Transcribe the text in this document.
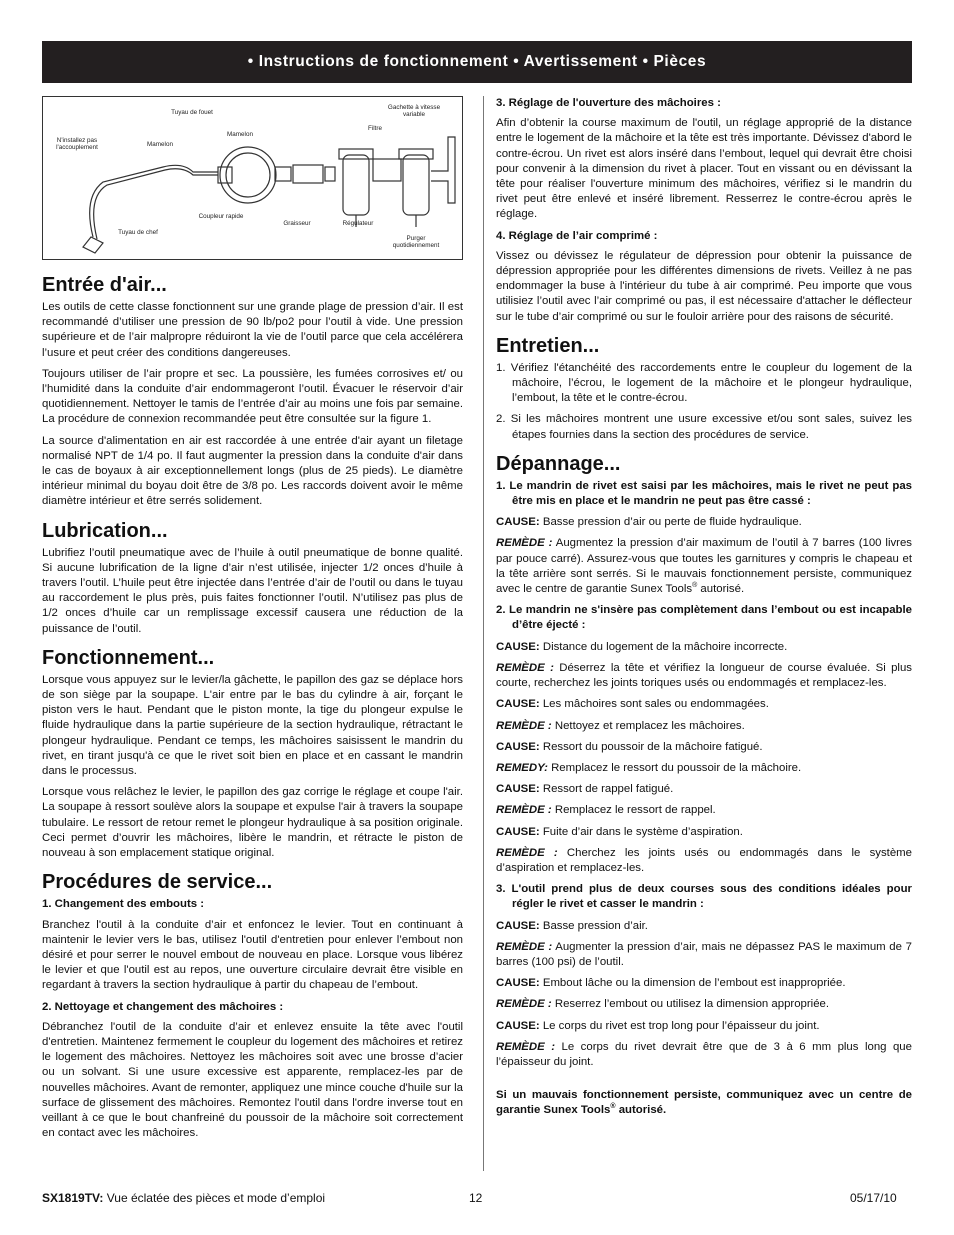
• Instructions de fonctionnement • Avertissement • Pièces
N'installez pas l'accouplement
Tuyau de fouet
Mamelon
Mamelon
Gachette à vitesse variable
Filtre
Tuyau de chef
Coupleur rapide
Graisseur	Régulateur
Purger quotidiennement
Entrée d'air...

Les outils de cette classe fonctionnent sur une grande plage de pression d’air. Il est recommandé d’utiliser une pression de 90 lb/po2 pour l’outil à vide. Une pression supérieure et de l’air malpropre réduiront la vie de l’outil parce que cela accélérera l’usure et peut créer des conditions dangereuses.

Toujours utiliser de l’air propre et sec. La poussière, les fumées corrosives et/ ou l’humidité dans la conduite d’air endommageront l’outil. Évacuer le réservoir d’air quotidiennement. Nettoyer le tamis de l’entrée d’air au moins une fois par semaine. La procédure de connexion recommandée peut être consultée sur la figure 1.

La source d'alimentation en air est raccordée à une entrée d'air ayant un filetage normalisé NPT de 1/4 po. Il faut augmenter la pression dans la conduite d'air dans le cas de boyaux à air exceptionnellement longs (plus de 25 pieds). Le diamètre intérieur minimal du boyau doit être de 3/8 po. Les raccords doivent avoir le même diamètre intérieur et être serrés solidement.

Lubrication...

Lubrifiez l’outil pneumatique avec de l’huile à outil pneumatique de bonne qualité. Si aucune lubrification de la ligne d’air n’est utilisée, injecter 1/2 onces d’huile à travers l’outil. L’huile peut être injectée dans l’entrée d’air de l’outil ou dans le tuyau au raccordement le plus près, puis faites fonctionner l’outil. N’utilisez pas plus de 1/2 onces d’huile car un remplissage excessif causera une réduction de la puissance de l’outil.

Fonctionnement...

Lorsque vous appuyez sur le levier/la gâchette, le papillon des gaz se déplace hors de son siège par la soupape. L'air entre par le bas du cylindre à air, forçant le piston vers le haut. Pendant que le piston monte, la tige du plongeur expulse le fluide hydraulique dans la partie supérieure de la section hydraulique, rétractant le plongeur hydraulique. Pendant ce temps, les mâchoires saisissent le mandrin du rivet, en tirant jusqu'à ce que le rivet soit bien en place et en cassant le mandrin dans le processus.

Lorsque vous relâchez le levier, le papillon des gaz corrige le réglage et coupe l'air. La soupape à ressort soulève alors la soupape et expulse l'air à travers la soupape tubulaire. Le ressort de retour remet le plongeur hydraulique à sa position originale. Ceci permet d’ouvrir les mâchoires, libère le mandrin, et rétracte le piston de nouveau à son emplacement statique original.

Procédures de service...
1. Changement des embouts :

Branchez l'outil à la conduite d’air et enfoncez le levier. Tout en continuant à maintenir le levier vers le bas, utilisez l'outil d'entretien pour enlever l’embout non désiré et pour serrer le nouvel embout de nouveau en place. Lorsque vous libérez le levier et que l'outil est au repos, une ouverture circulaire devrait être visible en regardant à travers la section hydraulique à partir du chapeau de l’embout.

2. Nettoyage et changement des mâchoires :

Débranchez l'outil de la conduite d’air et enlevez ensuite la tête avec l'outil d'entretien. Maintenez fermement le coupleur du logement des mâchoires et retirez le logement des mâchoires. Nettoyez les mâchoires soit avec une brosse d’acier ou un solvant. Si une usure excessive est apparente, remplacez-les par de nouvelles mâchoires. Avant de remonter, appliquez une mince couche d'huile sur la surface de glissement des mâchoires. Remontez l'outil dans l'ordre inverse tout en veillant à ce que le bout chanfreiné du poussoir de la mâchoire soit correctement en contact avec les mâchoires.

3. Réglage de l'ouverture des mâchoires :

Afin d’obtenir la course maximum de l'outil, un réglage approprié de la distance entre le logement de la mâchoire et la tête est très importante. Dévissez d'abord le contre-écrou. Un rivet est alors inséré dans l’embout, lequel qui devrait être choisi pour convenir à la dimension du rivet à placer. Tout en vissant ou en dévissant la tête pour réaliser l'ouverture minimum des mâchoires, vérifiez si le mandrin du rivet peut être enlevé et inséré librement. Resserrez le contre-écrou après le réglage.

4. Réglage de l’air comprimé :

Vissez ou dévissez le régulateur de dépression pour obtenir la puissance de dépression appropriée pour les différentes dimensions de rivets. Veillez à ne pas endommager la buse à l'intérieur du tube à air comprimé. Peu importe que vous utilisiez l’outil avec l’air comprimé ou pas, il est nécessaire d'attacher le déflecteur sur le tube d’air comprimé ou sur le fouloir arrière pour des raisons de sécurité.

Entretien...

1. Vérifiez l'étanchéité des raccordements entre le coupleur du logement de la mâchoire, l’écrou, le logement de la mâchoire et le plongeur hydraulique, l’embout, la tête et le contre-écrou.

2. Si les mâchoires montrent une usure excessive et/ou sont sales, suivez les étapes fournies dans la section des procédures de service.

Dépannage...

1. Le mandrin de rivet est saisi par les mâchoires, mais le rivet ne peut pas être mis en place et le mandrin ne peut pas être cassé :

CAUSE: Basse pression d’air ou perte de fluide hydraulique.

REMÈDE : Augmentez la pression d’air maximum de l’outil à 7 barres (100 livres par pouce carré). Assurez-vous que toutes les garnitures y compris le chapeau et la tête arrière sont serrés. Si le mauvais fonctionnement persiste, communiquez avec le centre de garantie Sunex Tools® autorisé.

2. Le mandrin ne s'insère pas complètement dans l’embout ou est incapable d’être éjecté :

CAUSE: Distance du logement de la mâchoire incorrecte.

REMÈDE : Déserrez la tête et vérifiez la longueur de course évaluée. Si plus courte, recherchez les joints toriques usés ou endommagés et remplacez-les.

CAUSE: Les mâchoires sont sales ou endommagées.

REMÈDE : Nettoyez et remplacez les mâchoires.

CAUSE: Ressort du poussoir de la mâchoire fatigué.

REMEDY: Remplacez le ressort du poussoir de la mâchoire.

CAUSE: Ressort de rappel fatigué.

REMÈDE : Remplacez le ressort de rappel.

CAUSE: Fuite d’air dans le système d’aspiration.

REMÈDE : Cherchez les joints usés ou endommagés dans le système d’aspiration et remplacez-les.

3. L'outil prend plus de deux courses sous des conditions idéales pour régler le rivet et casser le mandrin :

CAUSE: Basse pression d’air.

REMÈDE : Augmenter la pression d’air, mais ne dépassez PAS le maximum de 7 barres (100 psi) de l’outil.

CAUSE: Embout lâche ou la dimension de l’embout est inappropriée.

REMÈDE : Reserrez l’embout ou utilisez la dimension appropriée.

CAUSE: Le corps du rivet est trop long pour l’épaisseur du joint.

REMÈDE : Le corps du rivet devrait être que de 3 à 6 mm plus long que l’épaisseur du joint.

Si un mauvais fonctionnement persiste, communiquez avec un centre de garantie Sunex Tools® autorisé.

SX1819TV: Vue éclatée des pièces et mode d’emploi	12	05/17/10
